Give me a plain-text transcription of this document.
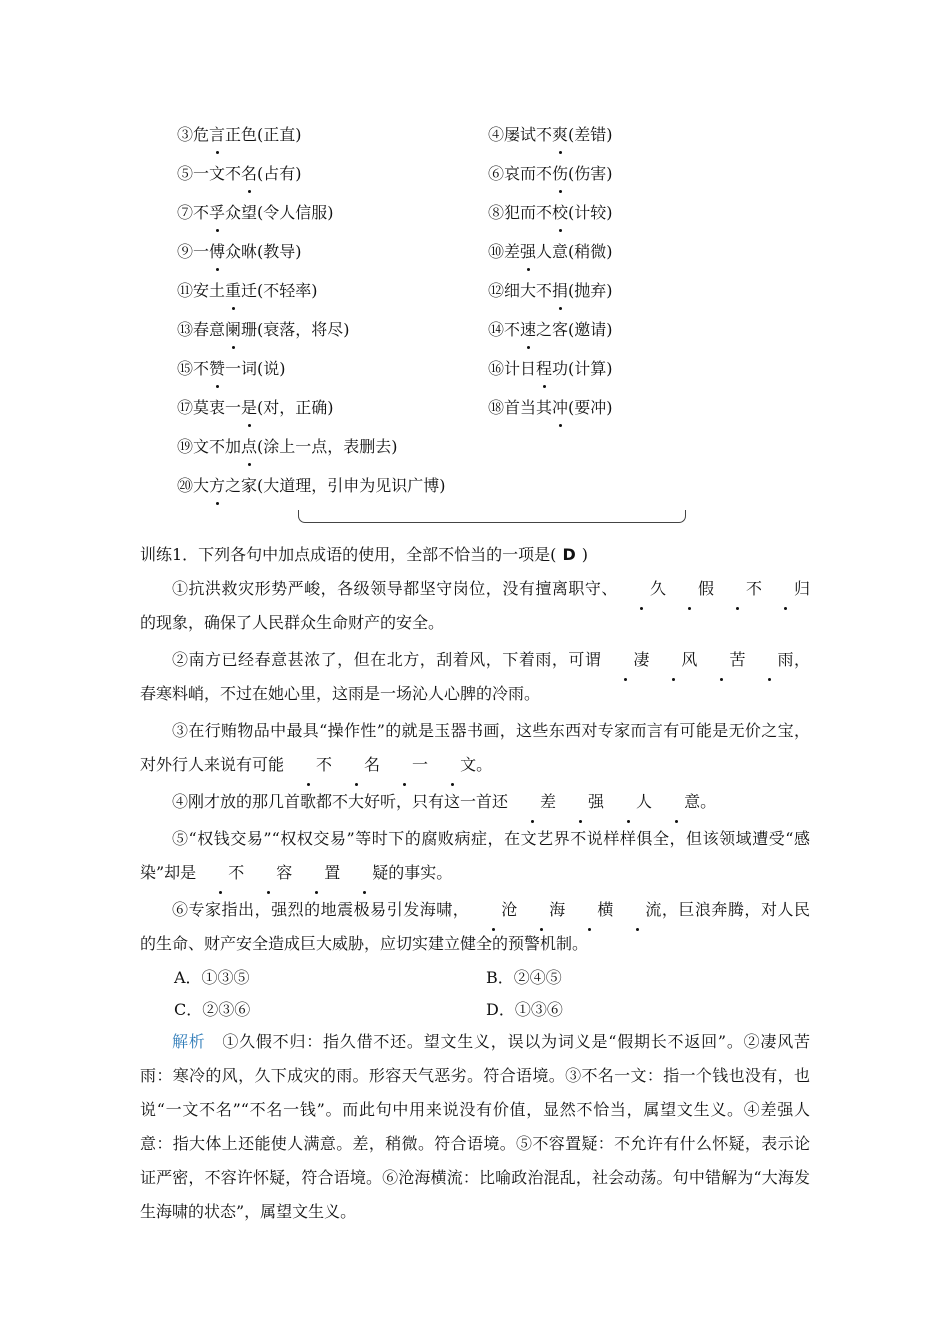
③危言正色(正直)	④屡试不爽(差错)
⑤一文不名(占有)	⑥哀而不伤(伤害)
⑦不孚众望(令人信服)	⑧犯而不校(计较)
⑨一傅众咻(教导)	⑩差强人意(稍微)
⑪安土重迁(不轻率)	⑫细大不捐(抛弃)
⑬春意阑珊(衰落，将尽)	⑭不速之客(邀请)
⑮不赞一词(说)	⑯计日程功(计算)
⑰莫衷一是(对，正确)	⑱首当其冲(要冲)
⑲文不加点(涂上一点，表删去)
⑳大方之家(大道理，引申为见识广博)

训练1．下列各句中加点成语的使用，全部不恰当的一项是( D )

①抗洪救灾形势严峻，各级领导都坚守岗位，没有擅离职守、 久 假 不 归的现象，确保了人民群众生命财产的安全。

②南方已经春意甚浓了，但在北方，刮着风，下着雨，可谓 凄 风 苦 雨，春寒料峭，不过在她心里，这雨是一场沁人心脾的冷雨。

③在行贿物品中最具“操作性”的就是玉器书画，这些东西对专家而言有可能是无价之宝，对外行人来说有可能 不 名 一 文。

④刚才放的那几首歌都不大好听，只有这一首还 差 强 人 意。

⑤“权钱交易”“权权交易”等时下的腐败病症，在文艺界不说样样俱全，但该领域遭受“感染”却是 不 容 置 疑的事实。

⑥专家指出，强烈的地震极易引发海啸， 沧 海 横 流，巨浪奔腾，对人民的生命、财产安全造成巨大威胁，应切实建立健全的预警机制。

A．①③⑤	B．②④⑤
C．②③⑥	D．①③⑥

解析　①久假不归：指久借不还。望文生义，误以为词义是“假期长不返回”。②凄风苦雨：寒冷的风，久下成灾的雨。形容天气恶劣。符合语境。③不名一文：指一个钱也没有，也说“一文不名”“不名一钱”。而此句中用来说没有价值，显然不恰当，属望文生义。④差强人意：指大体上还能使人满意。差，稍微。符合语境。⑤不容置疑：不允许有什么怀疑，表示论证严密，不容许怀疑，符合语境。⑥沧海横流：比喻政治混乱，社会动荡。句中错解为“大海发生海啸的状态”，属望文生义。
